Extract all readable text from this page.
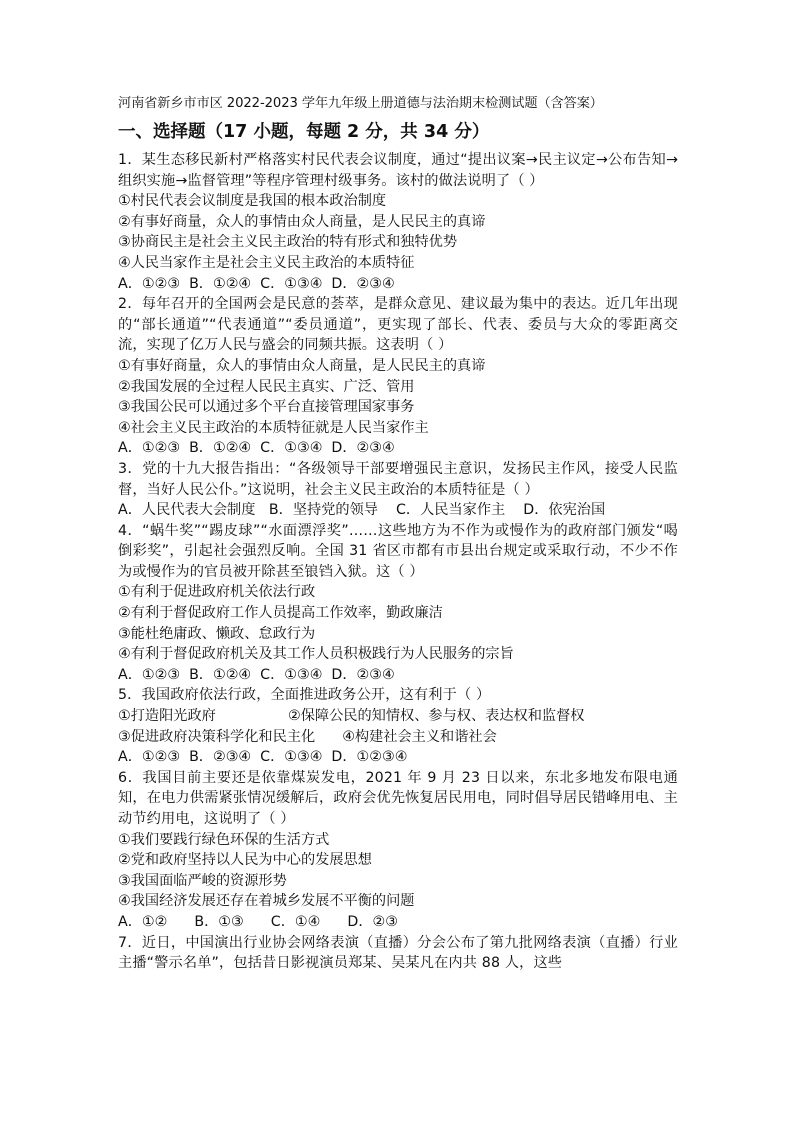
河南省新乡市市区 2022-2023 学年九年级上册道德与法治期末检测试题（含答案）

一、选择题（17 小题，每题 2 分，共 34 分）

1．某生态移民新村严格落实村民代表会议制度，通过“提出议案→民主议定→公布告知→组织实施→监督管理”等程序管理村级事务。该村的做法说明了（ ）

①村民代表会议制度是我国的根本政治制度

②有事好商量，众人的事情由众人商量，是人民民主的真谛

③协商民主是社会主义民主政治的特有形式和独特优势

④人民当家作主是社会主义民主政治的本质特征

A．①②③  B．①②④  C．①③④  D．②③④

2．每年召开的全国两会是民意的荟萃，是群众意见、建议最为集中的表达。近几年出现的“部长通道”“代表通道”“委员通道”，更实现了部长、代表、委员与大众的零距离交流，实现了亿万人民与盛会的同频共振。这表明（ ）

①有事好商量，众人的事情由众人商量，是人民民主的真谛

②我国发展的全过程人民民主真实、广泛、管用

③我国公民可以通过多个平台直接管理国家事务

④社会主义民主政治的本质特征就是人民当家作主

A．①②③  B．①②④  C．①③④  D．②③④

3．党的十九大报告指出：“各级领导干部要增强民主意识，发扬民主作风，接受人民监督，当好人民公仆。”这说明，社会主义民主政治的本质特征是（ ）

A．人民代表大会制度   B．坚持党的领导    C．人民当家作主    D．依宪治国

4．“蜗牛奖”“踢皮球”“水面漂浮奖”……这些地方为不作为或慢作为的政府部门颁发“喝倒彩奖”，引起社会强烈反响。全国 31 省区市都有市县出台规定或采取行动，不少不作为或慢作为的官员被开除甚至锒铛入狱。这（ ）

①有利于促进政府机关依法行政

②有利于督促政府工作人员提高工作效率，勤政廉洁

③能杜绝庸政、懒政、怠政行为

④有利于督促政府机关及其工作人员积极践行为人民服务的宗旨

A．①②③  B．①②④  C．①③④  D．②③④

5．我国政府依法行政，全面推进政务公开，这有利于（ ）

①打造阳光政府                ②保障公民的知情权、参与权、表达权和监督权

③促进政府决策科学化和民主化      ④构建社会主义和谐社会

A．①②③  B．②③④  C．①③④  D．①②③④

6．我国目前主要还是依靠煤炭发电，2021 年 9 月 23 日以来，东北多地发布限电通知，在电力供需紧张情况缓解后，政府会优先恢复居民用电，同时倡导居民错峰用电、主动节约用电，这说明了（ ）

①我们要践行绿色环保的生活方式

②党和政府坚持以人民为中心的发展思想

③我国面临严峻的资源形势

④我国经济发展还存在着城乡发展不平衡的问题

A．①②      B．①③      C．①④      D．②③

7．近日，中国演出行业协会网络表演（直播）分会公布了第九批网络表演（直播）行业主播“警示名单”，包括昔日影视演员郑某、吴某凡在内共 88 人，这些
